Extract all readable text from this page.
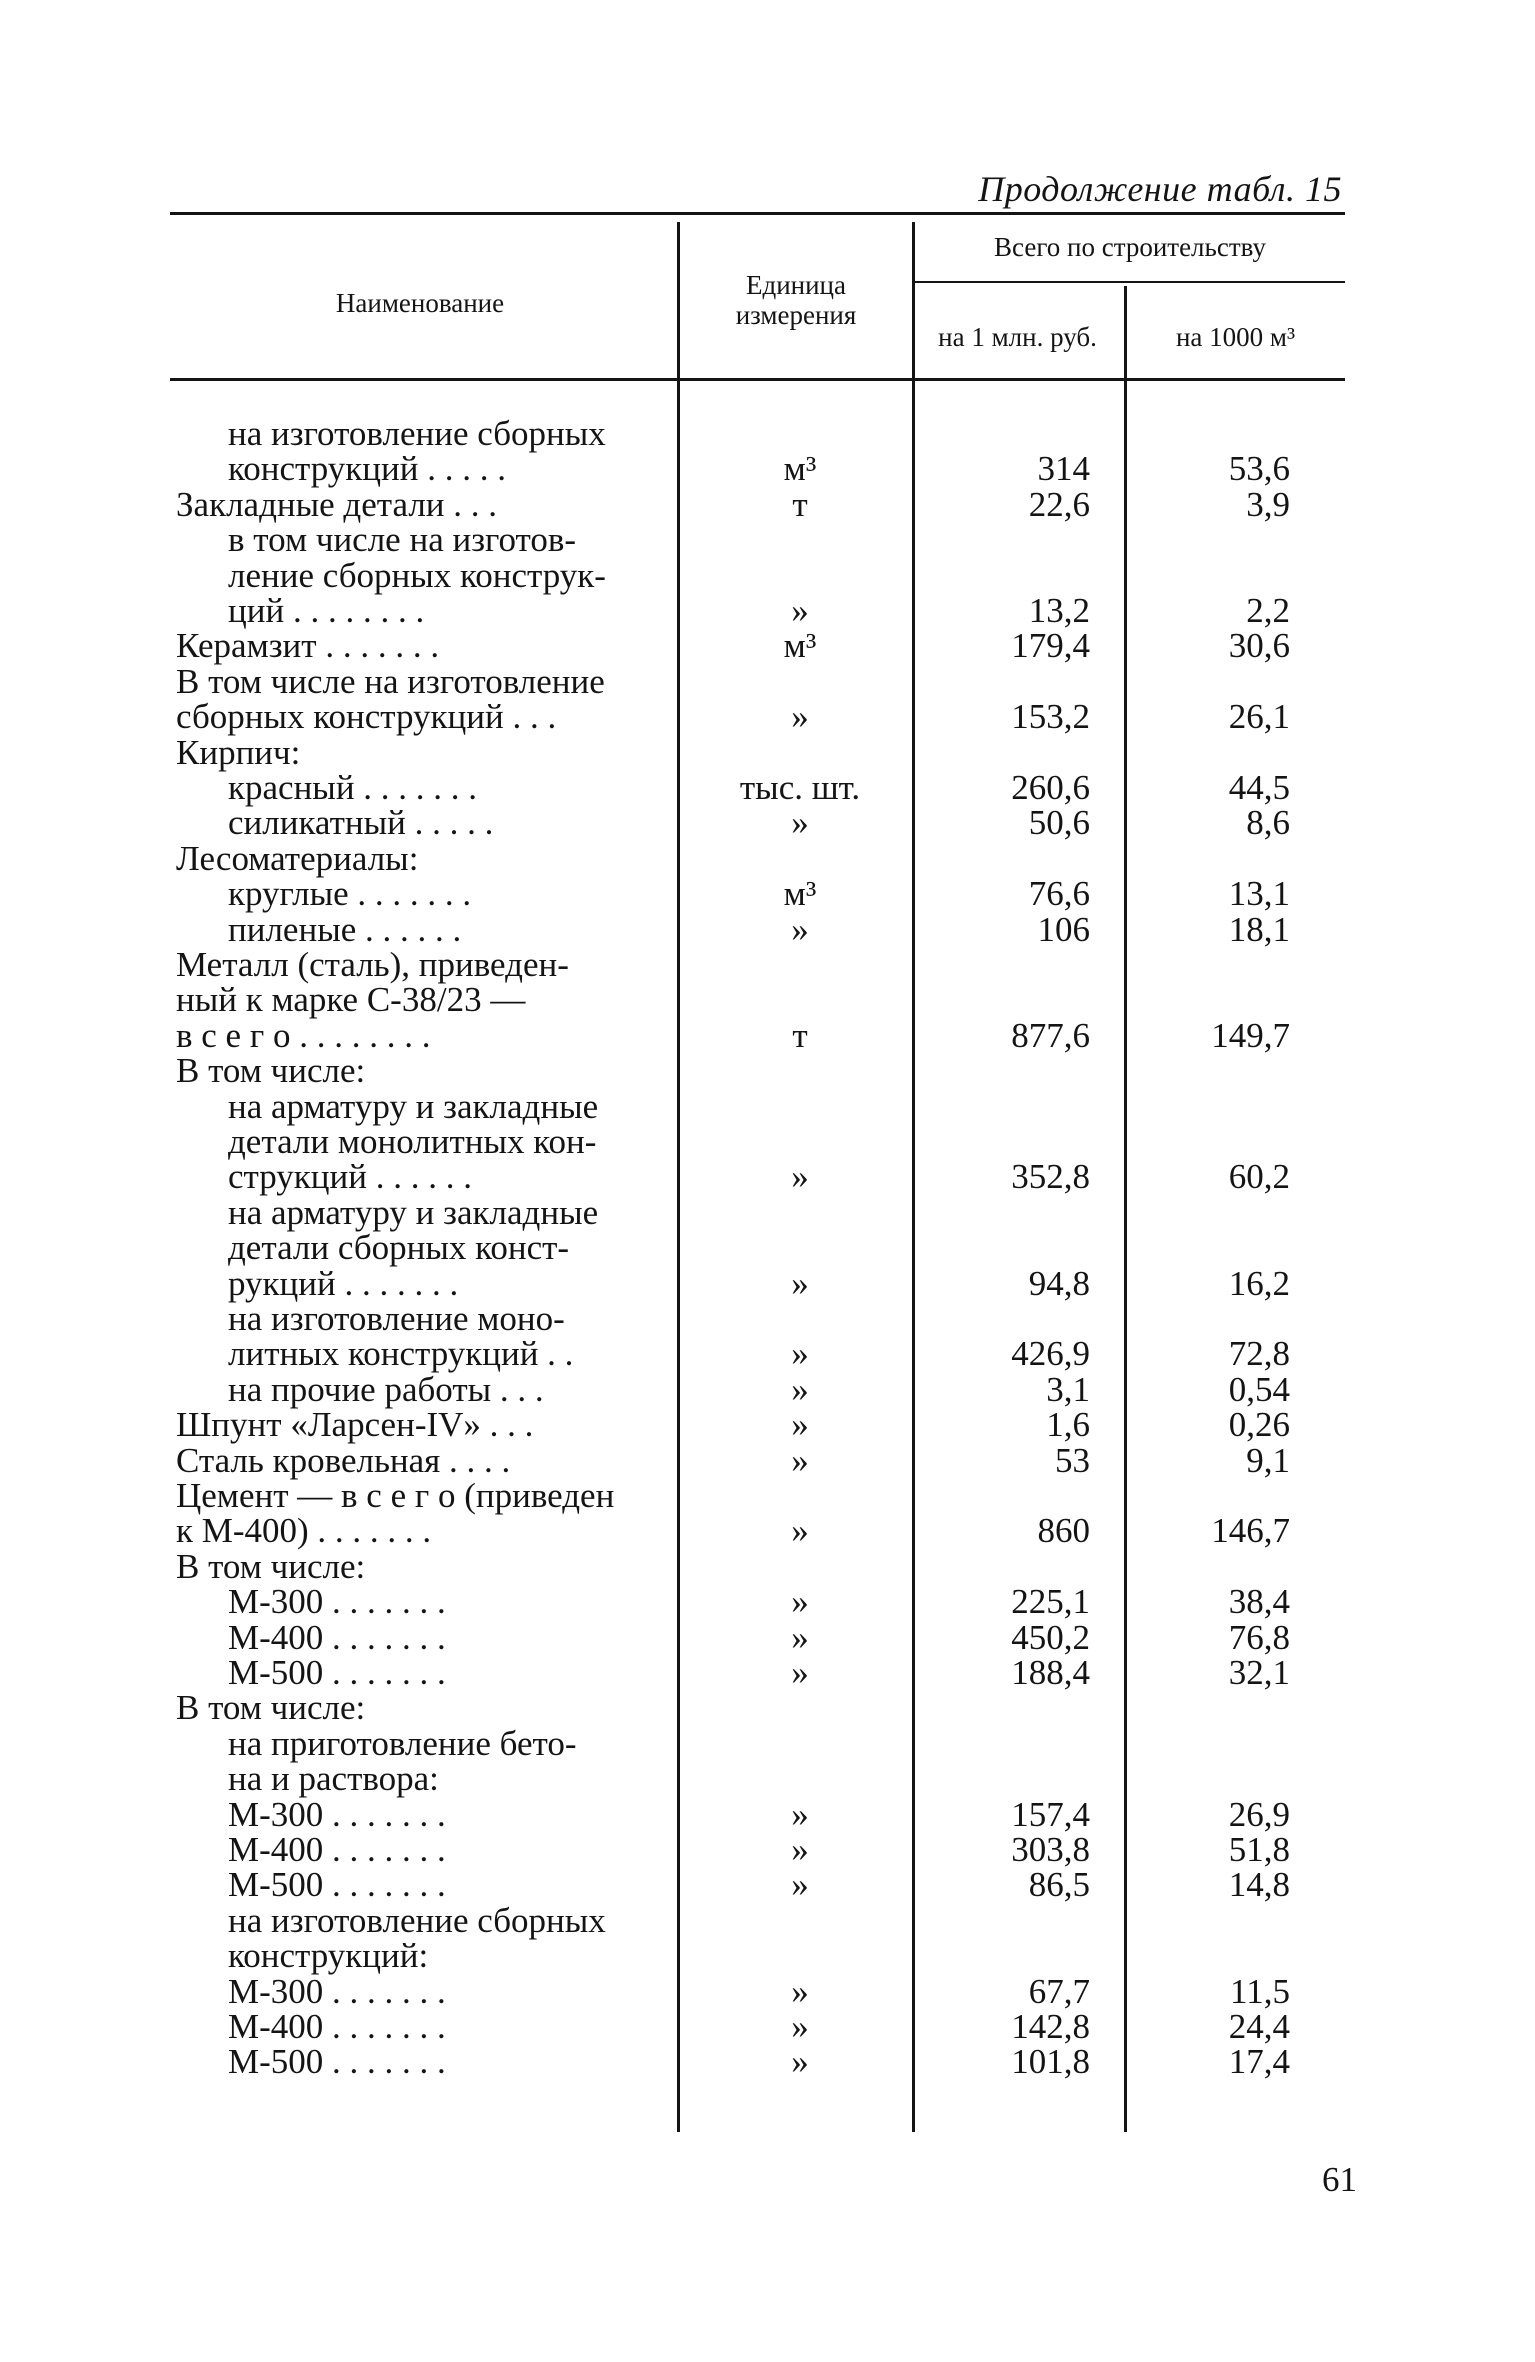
Продолжение табл. 15
Наименование
Единица измерения
Всего по строительству
на 1 млн. руб.	на 1000 м³
на изготовление сборных
конструкций . . . . .	м³	314	53,6
Закладные детали . . .	т	22,6	3,9
в том числе на изготов-
ление сборных конструк-
ций . . . . . . . .	»	13,2	2,2
Керамзит . . . . . . .	м³	179,4	30,6
В том числе на изготовление
сборных конструкций . . .	»	153,2	26,1
Кирпич:
красный . . . . . . .	тыс. шт.	260,6	44,5
силикатный . . . . .	»	50,6	8,6
Лесоматериалы:
круглые . . . . . . .	м³	76,6	13,1
пиленые . . . . . .	»	106	18,1
Металл (сталь), приведен-
ный к марке С-38/23 —
в с е г о . . . . . . . .	т	877,6	149,7
В том числе:
на арматуру и закладные
детали монолитных кон-
струкций . . . . . .	»	352,8	60,2
на арматуру и закладные
детали сборных конст-
рукций . . . . . . .	»	94,8	16,2
на изготовление моно-
литных конструкций . .	»	426,9	72,8
на прочие работы . . .	»	3,1	0,54
Шпунт «Ларсен-IV» . . .	»	1,6	0,26
Сталь кровельная . . . .	»	53	9,1
Цемент — в с е г о (приведен
к М-400) . . . . . . .	»	860	146,7
В том числе:
М-300 . . . . . . .	»	225,1	38,4
М-400 . . . . . . .	»	450,2	76,8
М-500 . . . . . . .	»	188,4	32,1
В том числе:
на приготовление бето-
на и раствора:
М-300 . . . . . . .	»	157,4	26,9
М-400 . . . . . . .	»	303,8	51,8
М-500 . . . . . . .	»	86,5	14,8
на изготовление сборных
конструкций:
М-300 . . . . . . .	»	67,7	11,5
М-400 . . . . . . .	»	142,8	24,4
М-500 . . . . . . .	»	101,8	17,4
61
